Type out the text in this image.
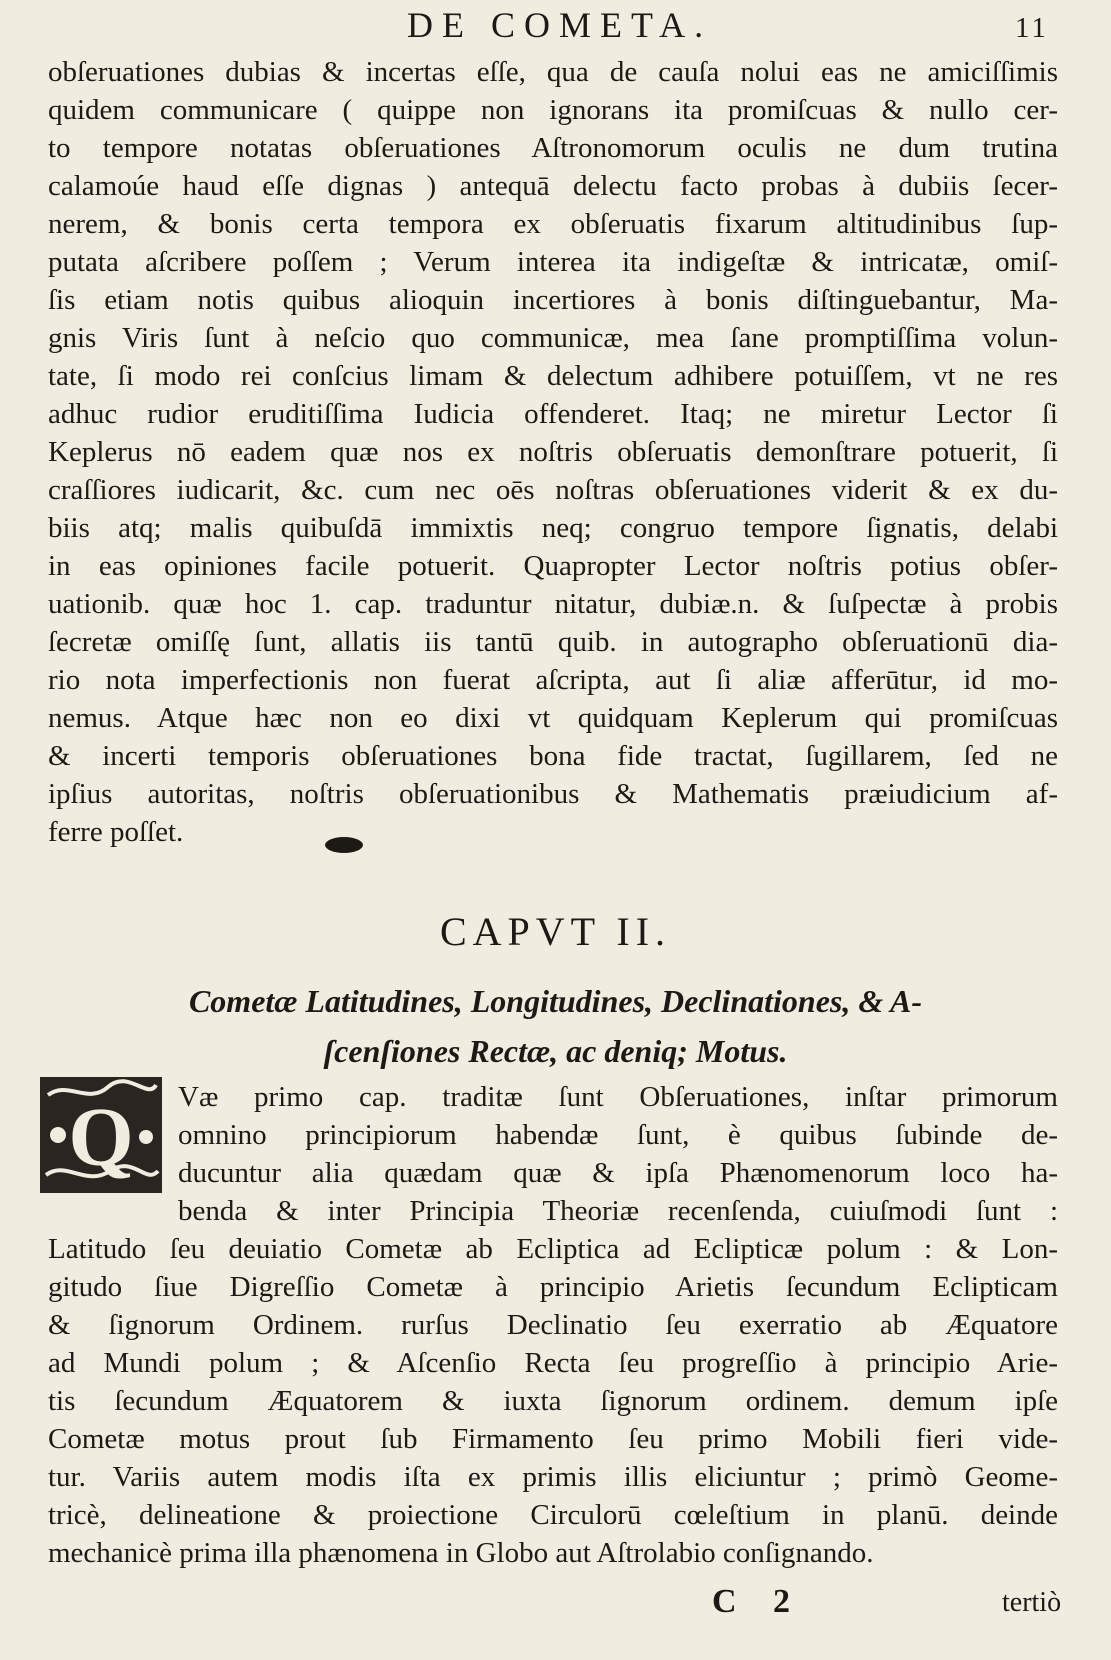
DE COMETA.	11
obſeruationes dubias & incertas eſſe, qua de cauſa nolui eas ne amiciſſimis
quidem communicare ( quippe non ignorans ita promiſcuas & nullo cer-
to tempore notatas obſeruationes Aſtronomorum oculis ne dum trutina
calamoúe haud eſſe dignas ) antequā delectu facto probas à dubiis ſecer-
nerem, & bonis certa tempora ex obſeruatis fixarum altitudinibus ſup-
putata aſcribere poſſem ; Verum interea ita indigeſtæ & intricatæ, omiſ-
ſis etiam notis quibus alioquin incertiores à bonis diſtinguebantur, Ma-
gnis Viris ſunt à neſcio quo communicæ, mea ſane promptiſſima volun-
tate, ſi modo rei conſcius limam & delectum adhibere potuiſſem, vt ne res
adhuc rudior eruditiſſima Iudicia offenderet. Itaq; ne miretur Lector ſi
Keplerus nō eadem quæ nos ex noſtris obſeruatis demonſtrare potuerit, ſi
craſſiores iudicarit, &c. cum nec oēs noſtras obſeruationes viderit & ex du-
biis atq; malis quibuſdā immixtis neq; congruo tempore ſignatis, delabi
in eas opiniones facile potuerit. Quapropter Lector noſtris potius obſer-
uationib. quæ hoc 1. cap. traduntur nitatur, dubiæ.n. & ſuſpectæ à probis
ſecretæ omiſſę ſunt, allatis iis tantū quib. in autographo obſeruationū dia-
rio nota imperfectionis non fuerat aſcripta, aut ſi aliæ afferūtur, id mo-
nemus. Atque hæc non eo dixi vt quidquam Keplerum qui promiſcuas
& incerti temporis obſeruationes bona fide tractat, ſugillarem, ſed ne
ipſius autoritas, noſtris obſeruationibus & Mathematis præiudicium af-
ferre poſſet.
CAPVT II.
Cometæ Latitudines, Longitudines, Declinationes, & A-
ſcenſiones Rectæ, ac deniq; Motus.
Q Væ primo cap. traditæ ſunt Obſeruationes, inſtar primorum
omnino principiorum habendæ ſunt, è quibus ſubinde de-
ducuntur alia quædam quæ & ipſa Phænomenorum loco ha-
benda & inter Principia Theoriæ recenſenda, cuiuſmodi ſunt :
Latitudo ſeu deuiatio Cometæ ab Ecliptica ad Eclipticæ polum : & Lon-
gitudo ſiue Digreſſio Cometæ à principio Arietis ſecundum Eclipticam
& ſignorum Ordinem. rurſus Declinatio ſeu exerratio ab Æquatore
ad Mundi polum ; & Aſcenſio Recta ſeu progreſſio à principio Arie-
tis ſecundum Æquatorem & iuxta ſignorum ordinem. demum ipſe
Cometæ motus prout ſub Firmamento ſeu primo Mobili fieri vide-
tur. Variis autem modis iſta ex primis illis eliciuntur ; primò Geome-
tricè, delineatione & proiectione Circulorū cœleſtium in planū. deinde
mechanicè prima illa phænomena in Globo aut Aſtrolabio conſignando.
C 2	tertiò
